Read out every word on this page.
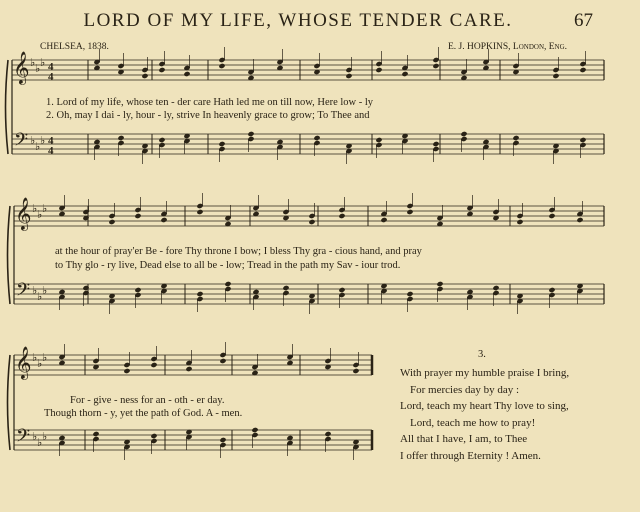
LORD OF MY LIFE, WHOSE TENDER CARE.	67
CHELSEA, 1838.	E. J. HOPKINS, London, Eng.
𝄞
𝄢
♭ ♭ ♭
♭ ♭ ♭
4
4
4
4
𝄞
𝄢
♭ ♭ ♭
♭ ♭ ♭
𝄞
𝄢
♭ ♭ ♭
♭ ♭ ♭
1. Lord of my life, whose ten - der care Hath led me on till now, Here low - ly
2. Oh, may I dai - ly, hour - ly, strive In heavenly grace to grow; To Thee and
at the hour of pray'er Be - fore Thy throne I bow; I bless Thy gra - cious hand, and pray
to Thy glo - ry live, Dead else to all be - low; Tread in the path my Sav - iour trod.
For - give - ness for an - oth - er day.
Though thorn - y, yet the path of God. A - men.
3.
With prayer my humble praise I bring,
For mercies day by day :
Lord, teach my heart Thy love to sing,
Lord, teach me how to pray!
All that I have, I am, to Thee
I offer through Eternity ! Amen.
